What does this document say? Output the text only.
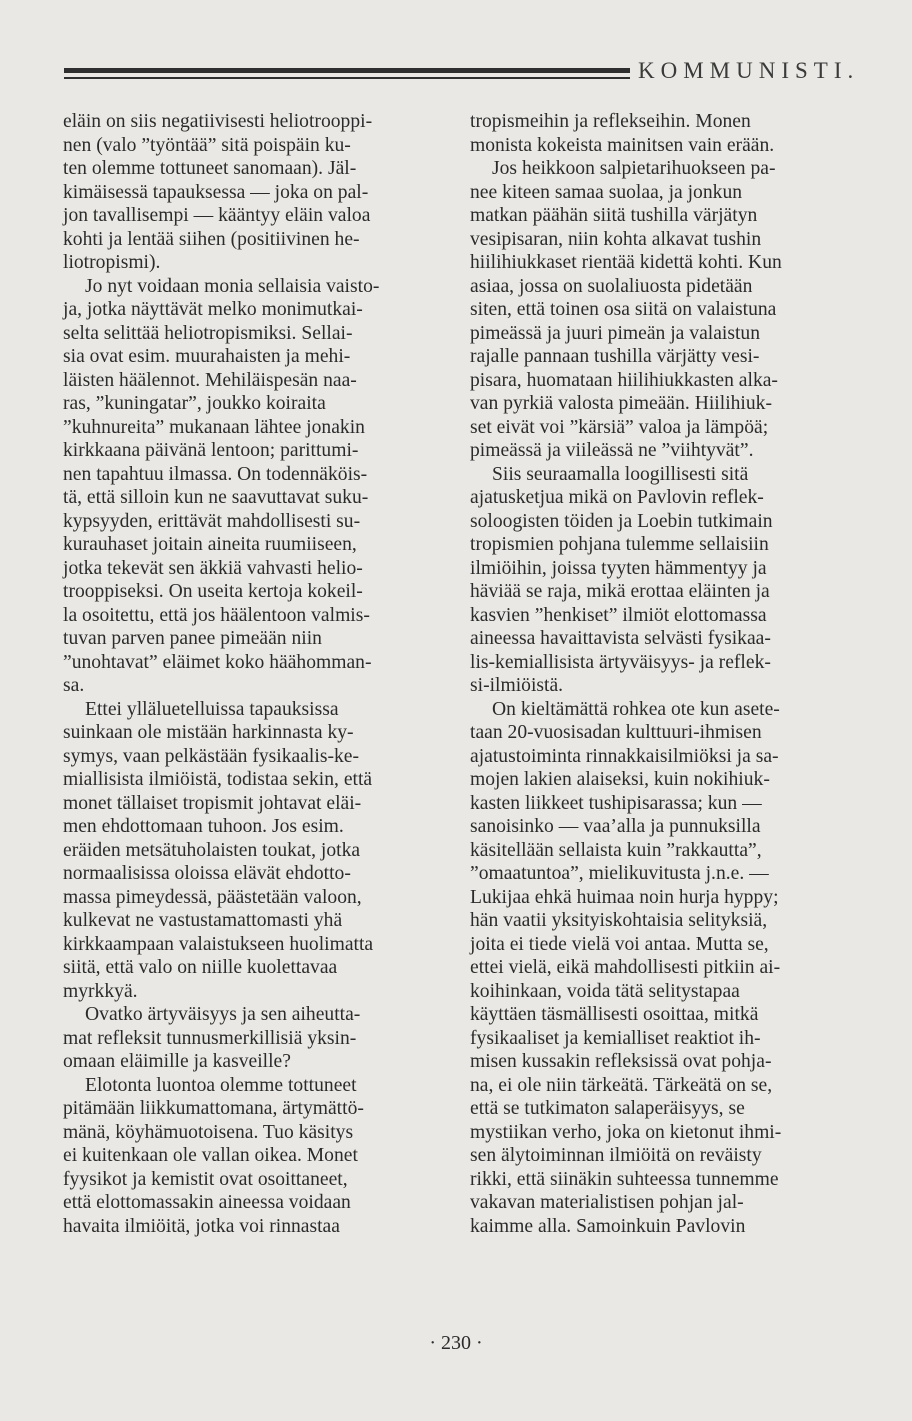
KOMMUNISTI.

eläin on siis negatiivisesti heliotrooppi-
nen (valo ”työntää” sitä poispäin ku-
ten olemme tottuneet sanomaan). Jäl-
kimäisessä tapauksessa — joka on pal-
jon tavallisempi — kääntyy eläin valoa
kohti ja lentää siihen (positiivinen he-
liotropismi).

Jo nyt voidaan monia sellaisia vaisto-
ja, jotka näyttävät melko monimutkai-
selta selittää heliotropismiksi. Sellai-
sia ovat esim. muurahaisten ja mehi-
läisten häälennot. Mehiläispesän naa-
ras, ”kuningatar”, joukko koiraita
”kuhnureita” mukanaan lähtee jonakin
kirkkaana päivänä lentoon; parittumi-
nen tapahtuu ilmassa. On todennäköis-
tä, että silloin kun ne saavuttavat suku-
kypsyyden, erittävät mahdollisesti su-
kurauhaset joitain aineita ruumiiseen,
jotka tekevät sen äkkiä vahvasti helio-
trooppiseksi. On useita kertoja kokeil-
la osoitettu, että jos häälentoon valmis-
tuvan parven panee pimeään niin
”unohtavat” eläimet koko häähomman-
sa.

Ettei ylläluetelluissa tapauksissa
suinkaan ole mistään harkinnasta ky-
symys, vaan pelkästään fysikaalis-ke-
miallisista ilmiöistä, todistaa sekin, että
monet tällaiset tropismit johtavat eläi-
men ehdottomaan tuhoon. Jos esim.
eräiden metsätuholaisten toukat, jotka
normaalisissa oloissa elävät ehdotto-
massa pimeydessä, päästetään valoon,
kulkevat ne vastustamattomasti yhä
kirkkaampaan valaistukseen huolimatta
siitä, että valo on niille kuolettavaa
myrkkyä.

Ovatko ärtyväisyys ja sen aiheutta-
mat refleksit tunnusmerkillisiä yksin-
omaan eläimille ja kasveille?

Elotonta luontoa olemme tottuneet
pitämään liikkumattomana, ärtymättö-
mänä, köyhämuotoisena. Tuo käsitys
ei kuitenkaan ole vallan oikea. Monet
fyysikot ja kemistit ovat osoittaneet,
että elottomassakin aineessa voidaan
havaita ilmiöitä, jotka voi rinnastaa

tropismeihin ja reflekseihin. Monen
monista kokeista mainitsen vain erään.

Jos heikkoon salpietarihuokseen pa-
nee kiteen samaa suolaa, ja jonkun
matkan päähän siitä tushilla värjätyn
vesipisaran, niin kohta alkavat tushin
hiilihiukkaset rientää kidettä kohti. Kun
asiaa, jossa on suolaliuosta pidetään
siten, että toinen osa siitä on valaistuna
pimeässä ja juuri pimeän ja valaistun
rajalle pannaan tushilla värjätty vesi-
pisara, huomataan hiilihiukkasten alka-
van pyrkiä valosta pimeään. Hiilihiuk-
set eivät voi ”kärsiä” valoa ja lämpöä;
pimeässä ja viileässä ne ”viihtyvät”.

Siis seuraamalla loogillisesti sitä
ajatusketjua mikä on Pavlovin reflek-
soloogisten töiden ja Loebin tutkimain
tropismien pohjana tulemme sellaisiin
ilmiöihin, joissa tyyten hämmentyy ja
häviää se raja, mikä erottaa eläinten ja
kasvien ”henkiset” ilmiöt elottomassa
aineessa havaittavista selvästi fysikaa-
lis-kemiallisista ärtyväisyys- ja reflek-
si-ilmiöistä.

On kieltämättä rohkea ote kun asete-
taan 20-vuosisadan kulttuuri-ihmisen
ajatustoiminta rinnakkaisilmiöksi ja sa-
mojen lakien alaiseksi, kuin nokihiuk-
kasten liikkeet tushipisarassa; kun —
sanoisinko — vaa’alla ja punnuksilla
käsitellään sellaista kuin ”rakkautta”,
”omaatuntoa”, mielikuvitusta j.n.e. —
Lukijaa ehkä huimaa noin hurja hyppy;
hän vaatii yksityiskohtaisia selityksiä,
joita ei tiede vielä voi antaa. Mutta se,
ettei vielä, eikä mahdollisesti pitkiin ai-
koihinkaan, voida tätä selitystapaa
käyttäen täsmällisesti osoittaa, mitkä
fysikaaliset ja kemialliset reaktiot ih-
misen kussakin refleksissä ovat pohja-
na, ei ole niin tärkeätä. Tärkeätä on se,
että se tutkimaton salaperäisyys, se
mystiikan verho, joka on kietonut ihmi-
sen älytoiminnan ilmiöitä on reväisty
rikki, että siinäkin suhteessa tunnemme
vakavan materialistisen pohjan jal-
kaimme alla. Samoinkuin Pavlovin

· 230 ·
